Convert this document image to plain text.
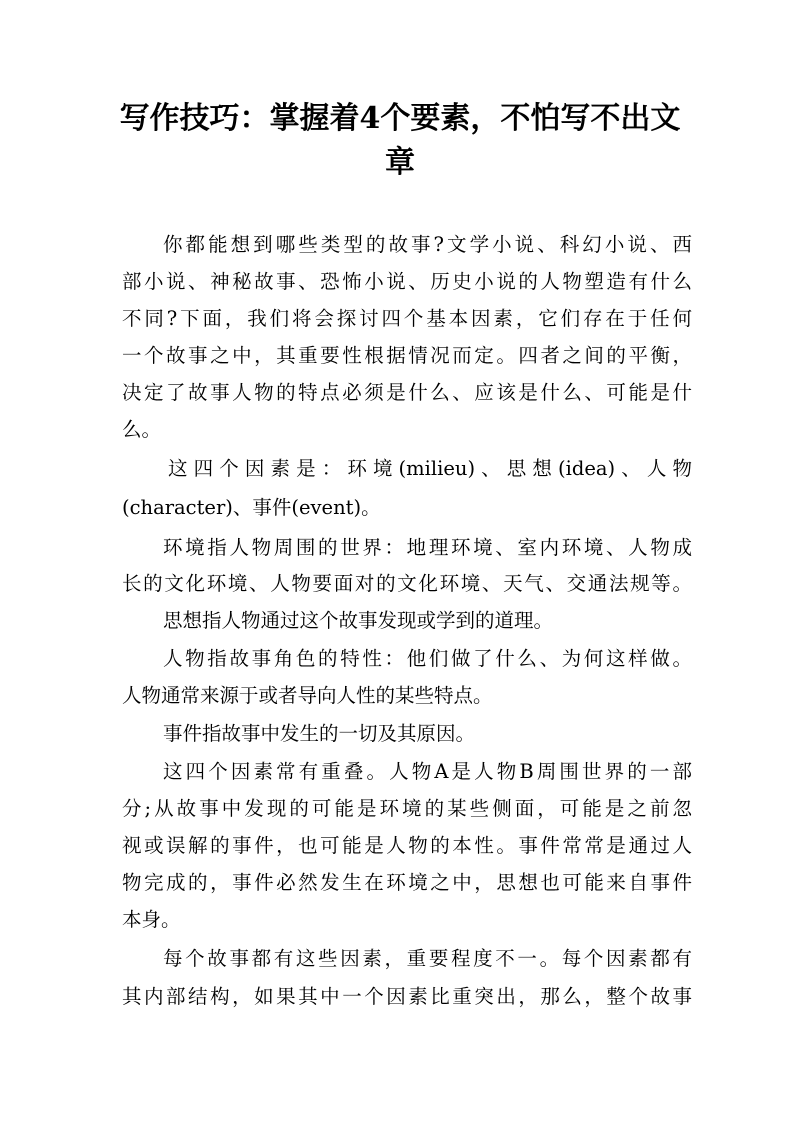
写作技巧：掌握着4个要素，不怕写不出文
章
你都能想到哪些类型的故事?文学小说、科幻小说、西
部小说、神秘故事、恐怖小说、历史小说的人物塑造有什么
不同?下面，我们将会探讨四个基本因素，它们存在于任何
一个故事之中，其重要性根据情况而定。四者之间的平衡，
决定了故事人物的特点必须是什么、应该是什么、可能是什
么。
这四个因素是：环境(milieu)、思想(idea)、人物
(character)、事件(event)。
环境指人物周围的世界：地理环境、室内环境、人物成
长的文化环境、人物要面对的文化环境、天气、交通法规等。
思想指人物通过这个故事发现或学到的道理。
人物指故事角色的特性：他们做了什么、为何这样做。
人物通常来源于或者导向人性的某些特点。
事件指故事中发生的一切及其原因。
这四个因素常有重叠。人物A是人物B周围世界的一部
分;从故事中发现的可能是环境的某些侧面，可能是之前忽
视或误解的事件，也可能是人物的本性。事件常常是通过人
物完成的，事件必然发生在环境之中，思想也可能来自事件
本身。
每个故事都有这些因素，重要程度不一。每个因素都有
其内部结构，如果其中一个因素比重突出，那么，整个故事
